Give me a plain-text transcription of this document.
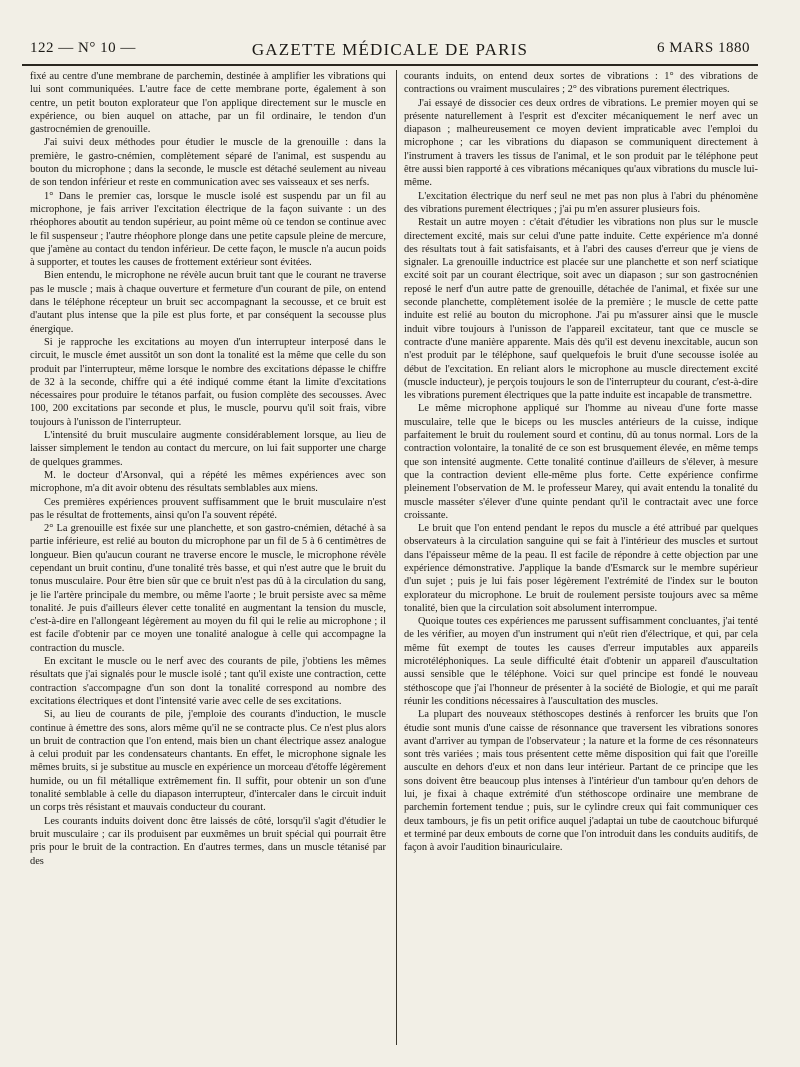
122 — N° 10 —	GAZETTE MÉDICALE DE PARIS	6 MARS 1880

fixé au centre d'une membrane de parchemin, destinée à amplifier les vibrations qui lui sont communiquées. L'autre face de cette membrane porte, également à son centre, un petit bouton explorateur que l'on applique directement sur le muscle en expérience, ou bien auquel on attache, par un fil ordinaire, le tendon d'un gastrocnémien de grenouille.

J'ai suivi deux méthodes pour étudier le muscle de la grenouille : dans la première, le gastro-cnémien, complètement séparé de l'animal, est suspendu au bouton du microphone ; dans la seconde, le muscle est détaché seulement au niveau de son tendon inférieur et reste en communication avec ses vaisseaux et ses nerfs.

1° Dans le premier cas, lorsque le muscle isolé est suspendu par un fil au microphone, je fais arriver l'excitation électrique de la façon suivante : un des rhéophores aboutit au tendon supérieur, au point même où ce tendon se continue avec le fil suspenseur ; l'autre rhéophore plonge dans une petite capsule pleine de mercure, que j'amène au contact du tendon inférieur. De cette façon, le muscle n'a aucun poids à supporter, et toutes les causes de frottement extérieur sont évitées.

Bien entendu, le microphone ne révèle aucun bruit tant que le courant ne traverse pas le muscle ; mais à chaque ouverture et fermeture d'un courant de pile, on entend dans le téléphone récepteur un bruit sec accompagnant la secousse, et ce bruit est d'autant plus intense que la pile est plus forte, et par conséquent la secousse plus énergique.

Si je rapproche les excitations au moyen d'un interrupteur interposé dans le circuit, le muscle émet aussitôt un son dont la tonalité est la même que celle du son produit par l'interrupteur, même lorsque le nombre des excitations dépasse le chiffre de 32 à la seconde, chiffre qui a été indiqué comme étant la limite d'excitations nécessaires pour produire le tétanos parfait, ou fusion complète des secousses. Avec 100, 200 excitations par seconde et plus, le muscle, pourvu qu'il soit frais, vibre toujours à l'unisson de l'interrupteur.

L'intensité du bruit musculaire augmente considérablement lorsque, au lieu de laisser simplement le tendon au contact du mercure, on lui fait supporter une charge de quelques grammes.

M. le docteur d'Arsonval, qui a répété les mêmes expériences avec son microphone, m'a dit avoir obtenu des résultats semblables aux miens.

Ces premières expériences prouvent suffisamment que le bruit musculaire n'est pas le résultat de frottements, ainsi qu'on l'a souvent répété.

2° La grenouille est fixée sur une planchette, et son gastro-cnémien, détaché à sa partie inférieure, est relié au bouton du microphone par un fil de 5 à 6 centimètres de longueur. Bien qu'aucun courant ne traverse encore le muscle, le microphone révèle cependant un bruit continu, d'une tonalité très basse, et qui n'est autre que le bruit du tonus musculaire. Pour être bien sûr que ce bruit n'est pas dû à la circulation du sang, je lie l'artère principale du membre, ou même l'aorte ; le bruit persiste avec sa même tonalité. Je puis d'ailleurs élever cette tonalité en augmentant la tension du muscle, c'est-à-dire en l'allongeant légèrement au moyen du fil qui le relie au microphone ; il est facile d'obtenir par ce moyen une tonalité analogue à celle qui accompagne la contraction du muscle.

En excitant le muscle ou le nerf avec des courants de pile, j'obtiens les mêmes résultats que j'ai signalés pour le muscle isolé ; tant qu'il existe une contraction, cette contraction s'accompagne d'un son dont la tonalité correspond au nombre des excitations électriques et dont l'intensité varie avec celle de ses excitations.

Si, au lieu de courants de pile, j'emploie des courants d'induction, le muscle continue à émettre des sons, alors même qu'il ne se contracte plus. Ce n'est plus alors un bruit de contraction que l'on entend, mais bien un chant électrique assez analogue à celui produit par les condensateurs chantants. En effet, le microphone signale les mêmes bruits, si je substitue au muscle en expérience un morceau d'étoffe légèrement humide, ou un fil métallique extrêmement fin. Il suffit, pour obtenir un son d'une tonalité semblable à celle du diapason interrupteur, d'intercaler dans le circuit induit un corps très résistant et mauvais conducteur du courant.

Les courants induits doivent donc être laissés de côté, lorsqu'il s'agit d'étudier le bruit musculaire ; car ils produisent par euxmêmes un bruit spécial qui pourrait être pris pour le bruit de la contraction. En d'autres termes, dans un muscle tétanisé par des

courants induits, on entend deux sortes de vibrations : 1° des vibrations de contractions ou vraiment musculaires ; 2° des vibrations purement électriques.

J'ai essayé de dissocier ces deux ordres de vibrations. Le premier moyen qui se présente naturellement à l'esprit est d'exciter mécaniquement le nerf avec un diapason ; malheureusement ce moyen devient impraticable avec l'emploi du microphone ; car les vibrations du diapason se communiquent directement à l'instrument à travers les tissus de l'animal, et le son produit par le téléphone peut être aussi bien rapporté à ces vibrations mécaniques qu'aux vibrations du muscle lui-même.

L'excitation électrique du nerf seul ne met pas non plus à l'abri du phénomène des vibrations purement électriques ; j'ai pu m'en assurer plusieurs fois.

Restait un autre moyen : c'était d'étudier les vibrations non plus sur le muscle directement excité, mais sur celui d'une patte induite. Cette expérience m'a donné des résultats tout à fait satisfaisants, et à l'abri des causes d'erreur que je viens de signaler. La grenouille inductrice est placée sur une planchette et son nerf sciatique excité soit par un courant électrique, soit avec un diapason ; sur son gastrocnénien reposé le nerf d'un autre patte de grenouille, détachée de l'animal, et fixée sur une seconde planchette, complètement isolée de la première ; le muscle de cette patte induite est relié au bouton du microphone. J'ai pu m'assurer ainsi que le muscle induit vibre toujours à l'unisson de l'appareil excitateur, tant que ce muscle se contracte d'une manière apparente. Mais dès qu'il est devenu inexcitable, aucun son n'est produit par le téléphone, sauf quelquefois le bruit d'une secousse isolée au début de l'excitation. En reliant alors le microphone au muscle directement excité (muscle inducteur), je perçois toujours le son de l'interrupteur du courant, c'est-à-dire les vibrations purement électriques que la patte induite est incapable de transmettre.

Le même microphone appliqué sur l'homme au niveau d'une forte masse musculaire, telle que le biceps ou les muscles antérieurs de la cuisse, indique parfaitement le bruit du roulement sourd et continu, dû au tonus normal. Lors de la contraction volontaire, la tonalité de ce son est brusquement élevée, en même temps que son intensité augmente. Cette tonalité continue d'ailleurs de s'élever, à mesure que la contraction devient elle-même plus forte. Cette expérience confirme pleinement l'observation de M. le professeur Marey, qui avait entendu la tonalité du muscle masséter s'élever d'une quinte pendant qu'il le contractait avec une force croissante.

Le bruit que l'on entend pendant le repos du muscle a été attribué par quelques observateurs à la circulation sanguine qui se fait à l'intérieur des muscles et surtout dans l'épaisseur même de la peau. Il est facile de répondre à cette objection par une expérience démonstrative. J'applique la bande d'Esmarck sur le membre supérieur d'un sujet ; puis je lui fais poser légèrement l'extrémité de l'index sur le bouton explorateur du microphone. Le bruit de roulement persiste toujours avec sa même tonalité, bien que la circulation soit absolument interrompue.

Quoique toutes ces expériences me parussent suffisamment concluantes, j'ai tenté de les vérifier, au moyen d'un instrument qui n'eût rien d'électrique, et qui, par cela même fût exempt de toutes les causes d'erreur imputables aux appareils microtéléphoniques. La seule difficulté était d'obtenir un appareil d'auscultation aussi sensible que le téléphone. Voici sur quel principe est fondé le nouveau stéthoscope que j'ai l'honneur de présenter à la société de Biologie, et qui me paraît réunir les conditions nécessaires à l'auscultation des muscles.

La plupart des nouveaux stéthoscopes destinés à renforcer les bruits que l'on étudie sont munis d'une caisse de résonnance que traversent les vibrations sonores avant d'arriver au tympan de l'observateur ; la nature et la forme de ces résonnateurs sont très variées ; mais tous présentent cette même disposition qui fait que l'oreille ausculte en dehors d'eux et non dans leur intérieur. Partant de ce principe que les sons doivent être beaucoup plus intenses à l'intérieur d'un tambour qu'en dehors de lui, je fixai à chaque extrémité d'un stéthoscope ordinaire une membrane de parchemin fortement tendue ; puis, sur le cylindre creux qui fait communiquer ces deux tambours, je fis un petit orifice auquel j'adaptai un tube de caoutchouc bifurqué et terminé par deux embouts de corne que l'on introduit dans les conduits auditifs, de façon à avoir l'audition binauriculaire.
